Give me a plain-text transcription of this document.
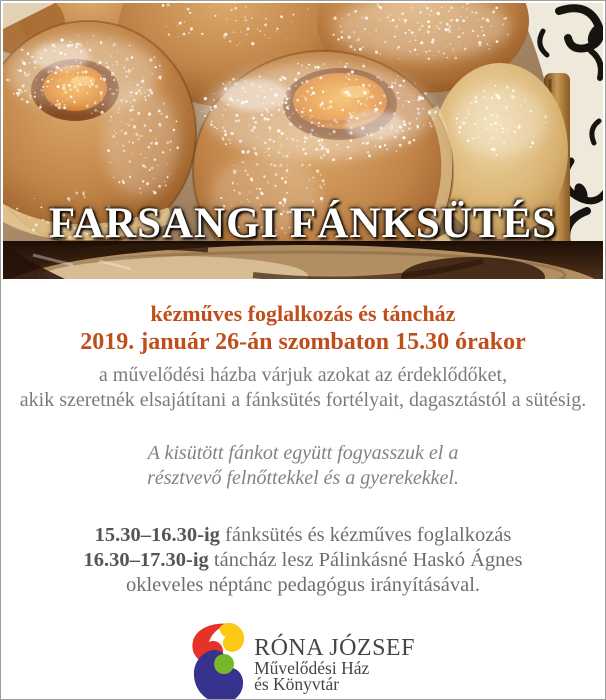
FARSANGI FÁNKSÜTÉS

kézműves foglalkozás és táncház

2019. január 26-án szombaton 15.30 órakor

a művelődési házba várjuk azokat az érdeklődőket,

akik szeretnék elsajátítani a fánksütés fortélyait, dagasztástól a sütésig.

A kisütött fánkot együtt fogyasszuk el a

résztvevő felnőttekkel és a gyerekekkel.

15.30–16.30-ig fánksütés és kézműves foglalkozás

16.30–17.30-ig táncház lesz Pálinkásné Haskó Ágnes

okleveles néptánc pedagógus irányításával.

RÓNA JÓZSEF
Művelődési Ház
és Könyvtár
